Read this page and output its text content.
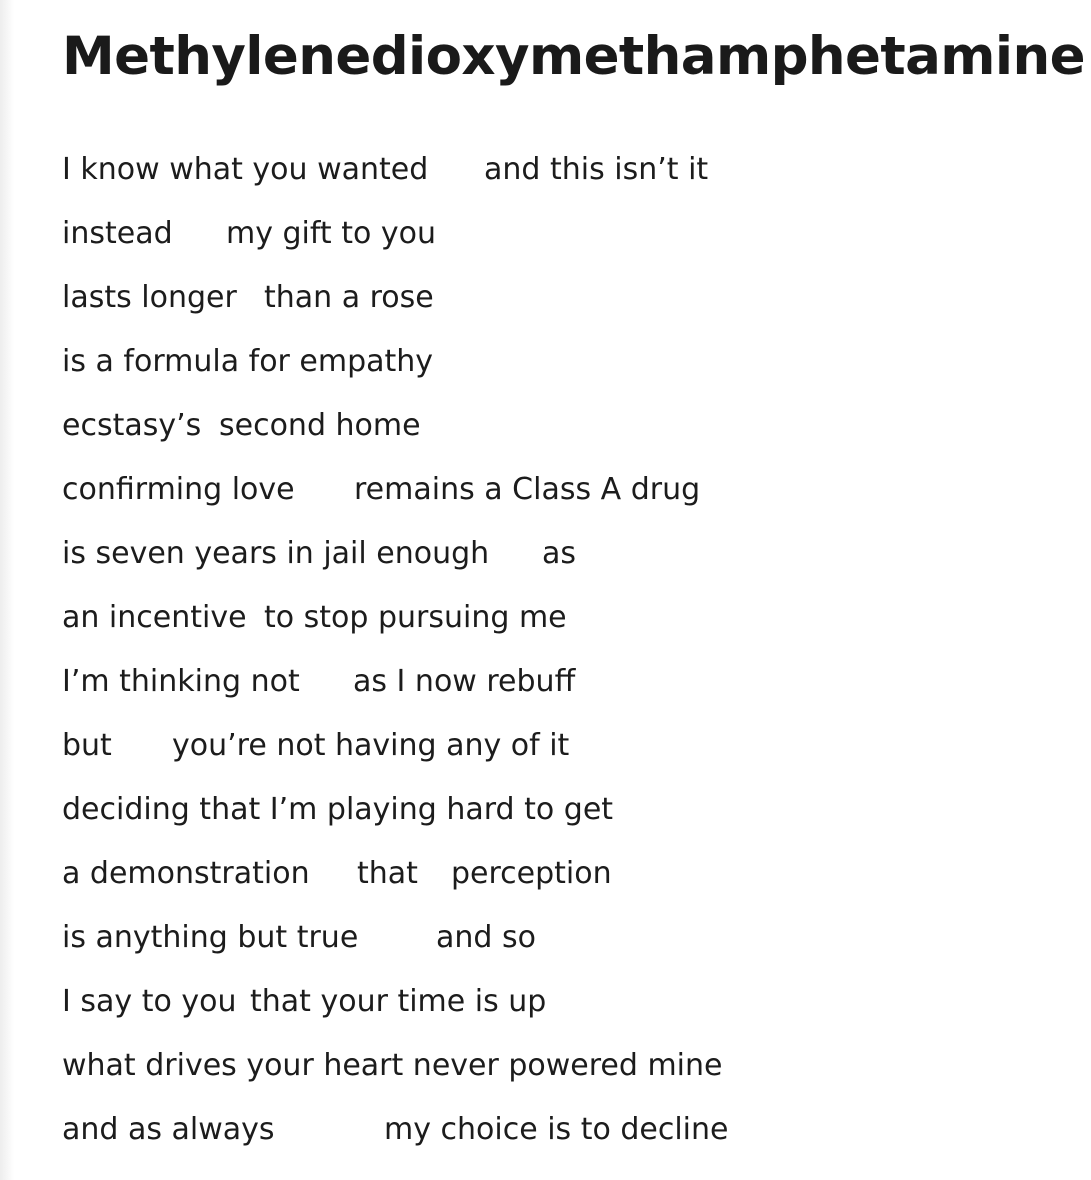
Methylenedioxymethamphetamine
I know what you wanted and this isn’t it
instead my gift to you
lasts longer than a rose
is a formula for empathy
ecstasy’s second home
confirming love remains a Class A drug
is seven years in jail enough as
an incentive to stop pursuing me
I’m thinking not as I now rebuff
but you’re not having any of it
deciding that I’m playing hard to get
a demonstration that perception
is anything but true	and so
I say to you that your time is up
what drives your heart never powered mine
and as always	my choice is to decline
